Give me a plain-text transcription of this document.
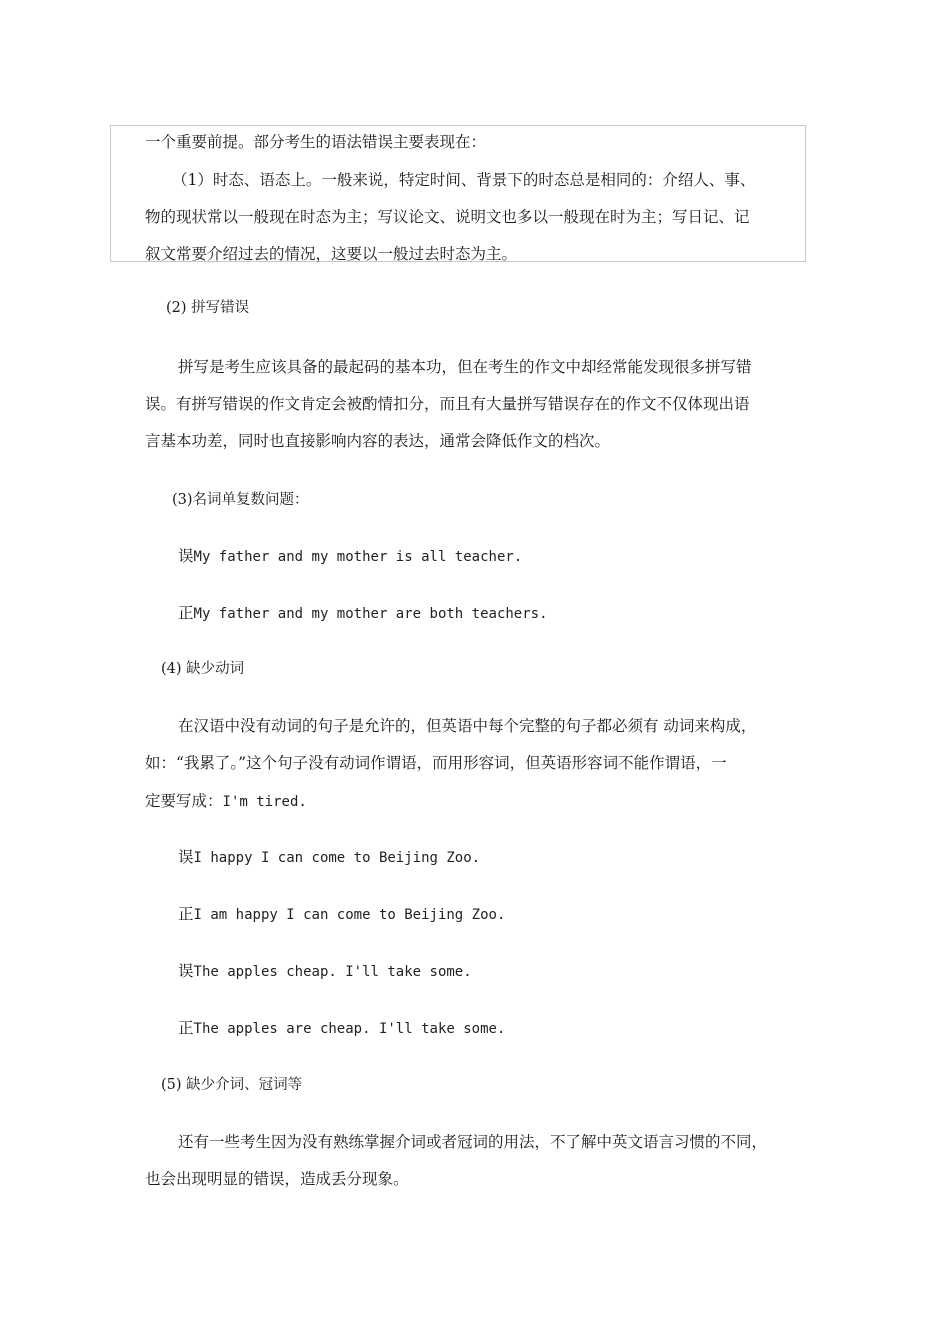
一个重要前提。部分考生的语法错误主要表现在：
（1）时态、语态上。一般来说，特定时间、背景下的时态总是相同的：介绍人、事、
物的现状常以一般现在时态为主；写议论文、说明文也多以一般现在时为主；写日记、记
叙文常要介绍过去的情况，这要以一般过去时态为主。
(2) 拼写错误
拼写是考生应该具备的最起码的基本功，但在考生的作文中却经常能发现很多拼写错
误。有拼写错误的作文肯定会被酌情扣分，而且有大量拼写错误存在的作文不仅体现出语
言基本功差，同时也直接影响内容的表达，通常会降低作文的档次。
(3)名词单复数问题：
误My father and my mother is all teacher.
正My father and my mother are both teachers.
(4) 缺少动词
在汉语中没有动词的句子是允许的，但英语中每个完整的句子都必须有 动词来构成，
如：“我累了。”这个句子没有动词作谓语，而用形容词，但英语形容词不能作谓语，一
定要写成：I'm tired.
误I happy I can come to Beijing Zoo.
正I am happy I can come to Beijing Zoo.
误The apples cheap. I'll take some.
正The apples are cheap. I'll take some.
(5) 缺少介词、冠词等
还有一些考生因为没有熟练掌握介词或者冠词的用法，不了解中英文语言习惯的不同，
也会出现明显的错误，造成丢分现象。
